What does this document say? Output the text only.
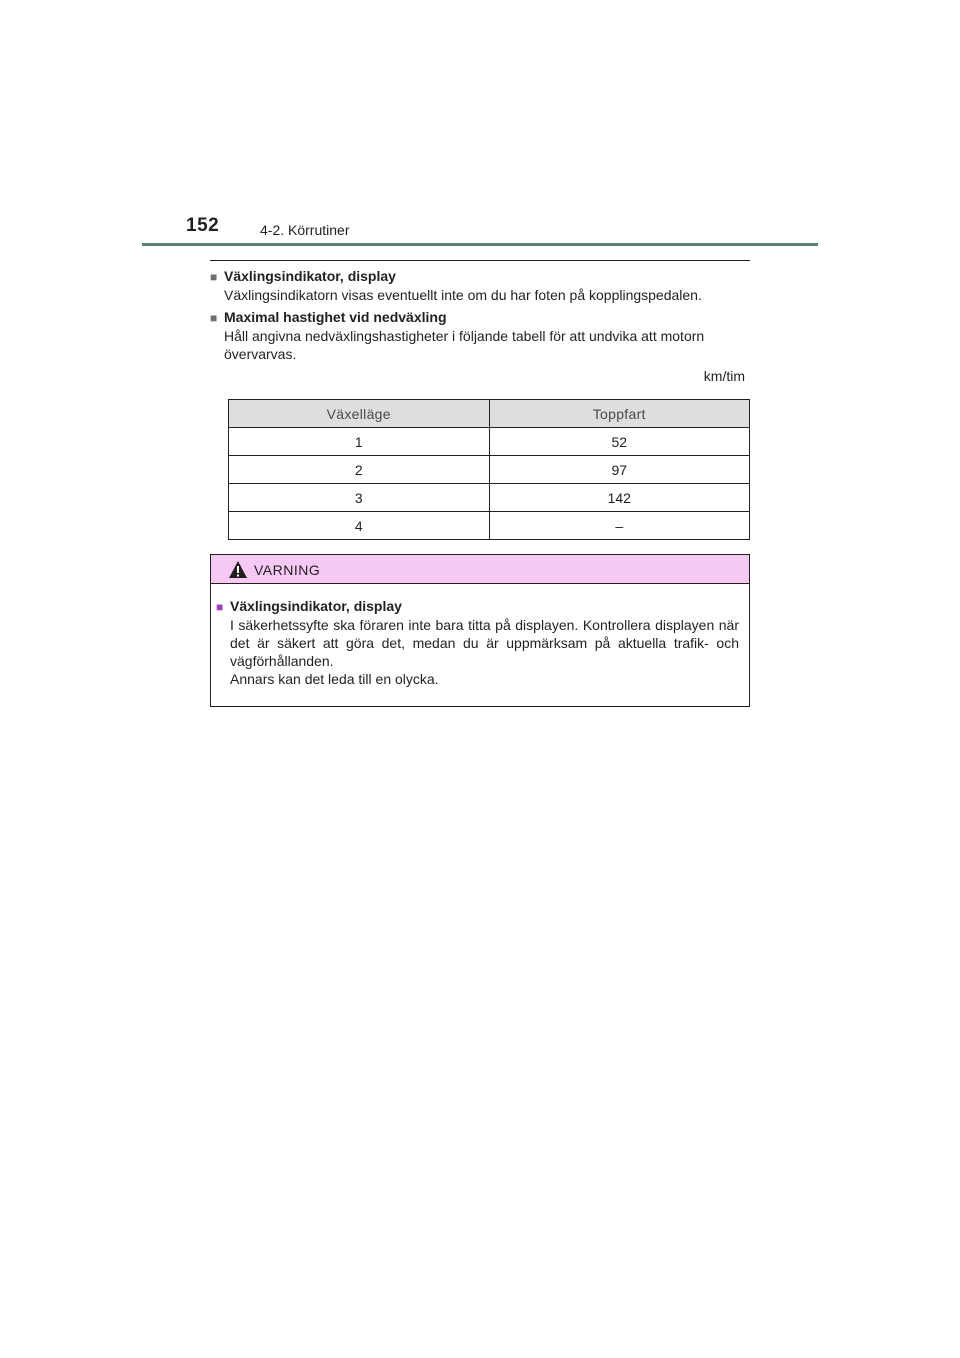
152	4-2. Körrutiner
■ Växlingsindikator, display
Växlingsindikatorn visas eventuellt inte om du har foten på kopplingspedalen.
■ Maximal hastighet vid nedväxling
Håll angivna nedväxlingshastigheter i följande tabell för att undvika att motorn övervarvas.
km/tim
Växelläge	Toppfart
1	52
2	97
3	142
4	–
VARNING
■ Växlingsindikator, display
I säkerhetssyfte ska föraren inte bara titta på displayen. Kontrollera displayen när det är säkert att göra det, medan du är uppmärksam på aktuella trafik- och vägförhållanden.
Annars kan det leda till en olycka.
